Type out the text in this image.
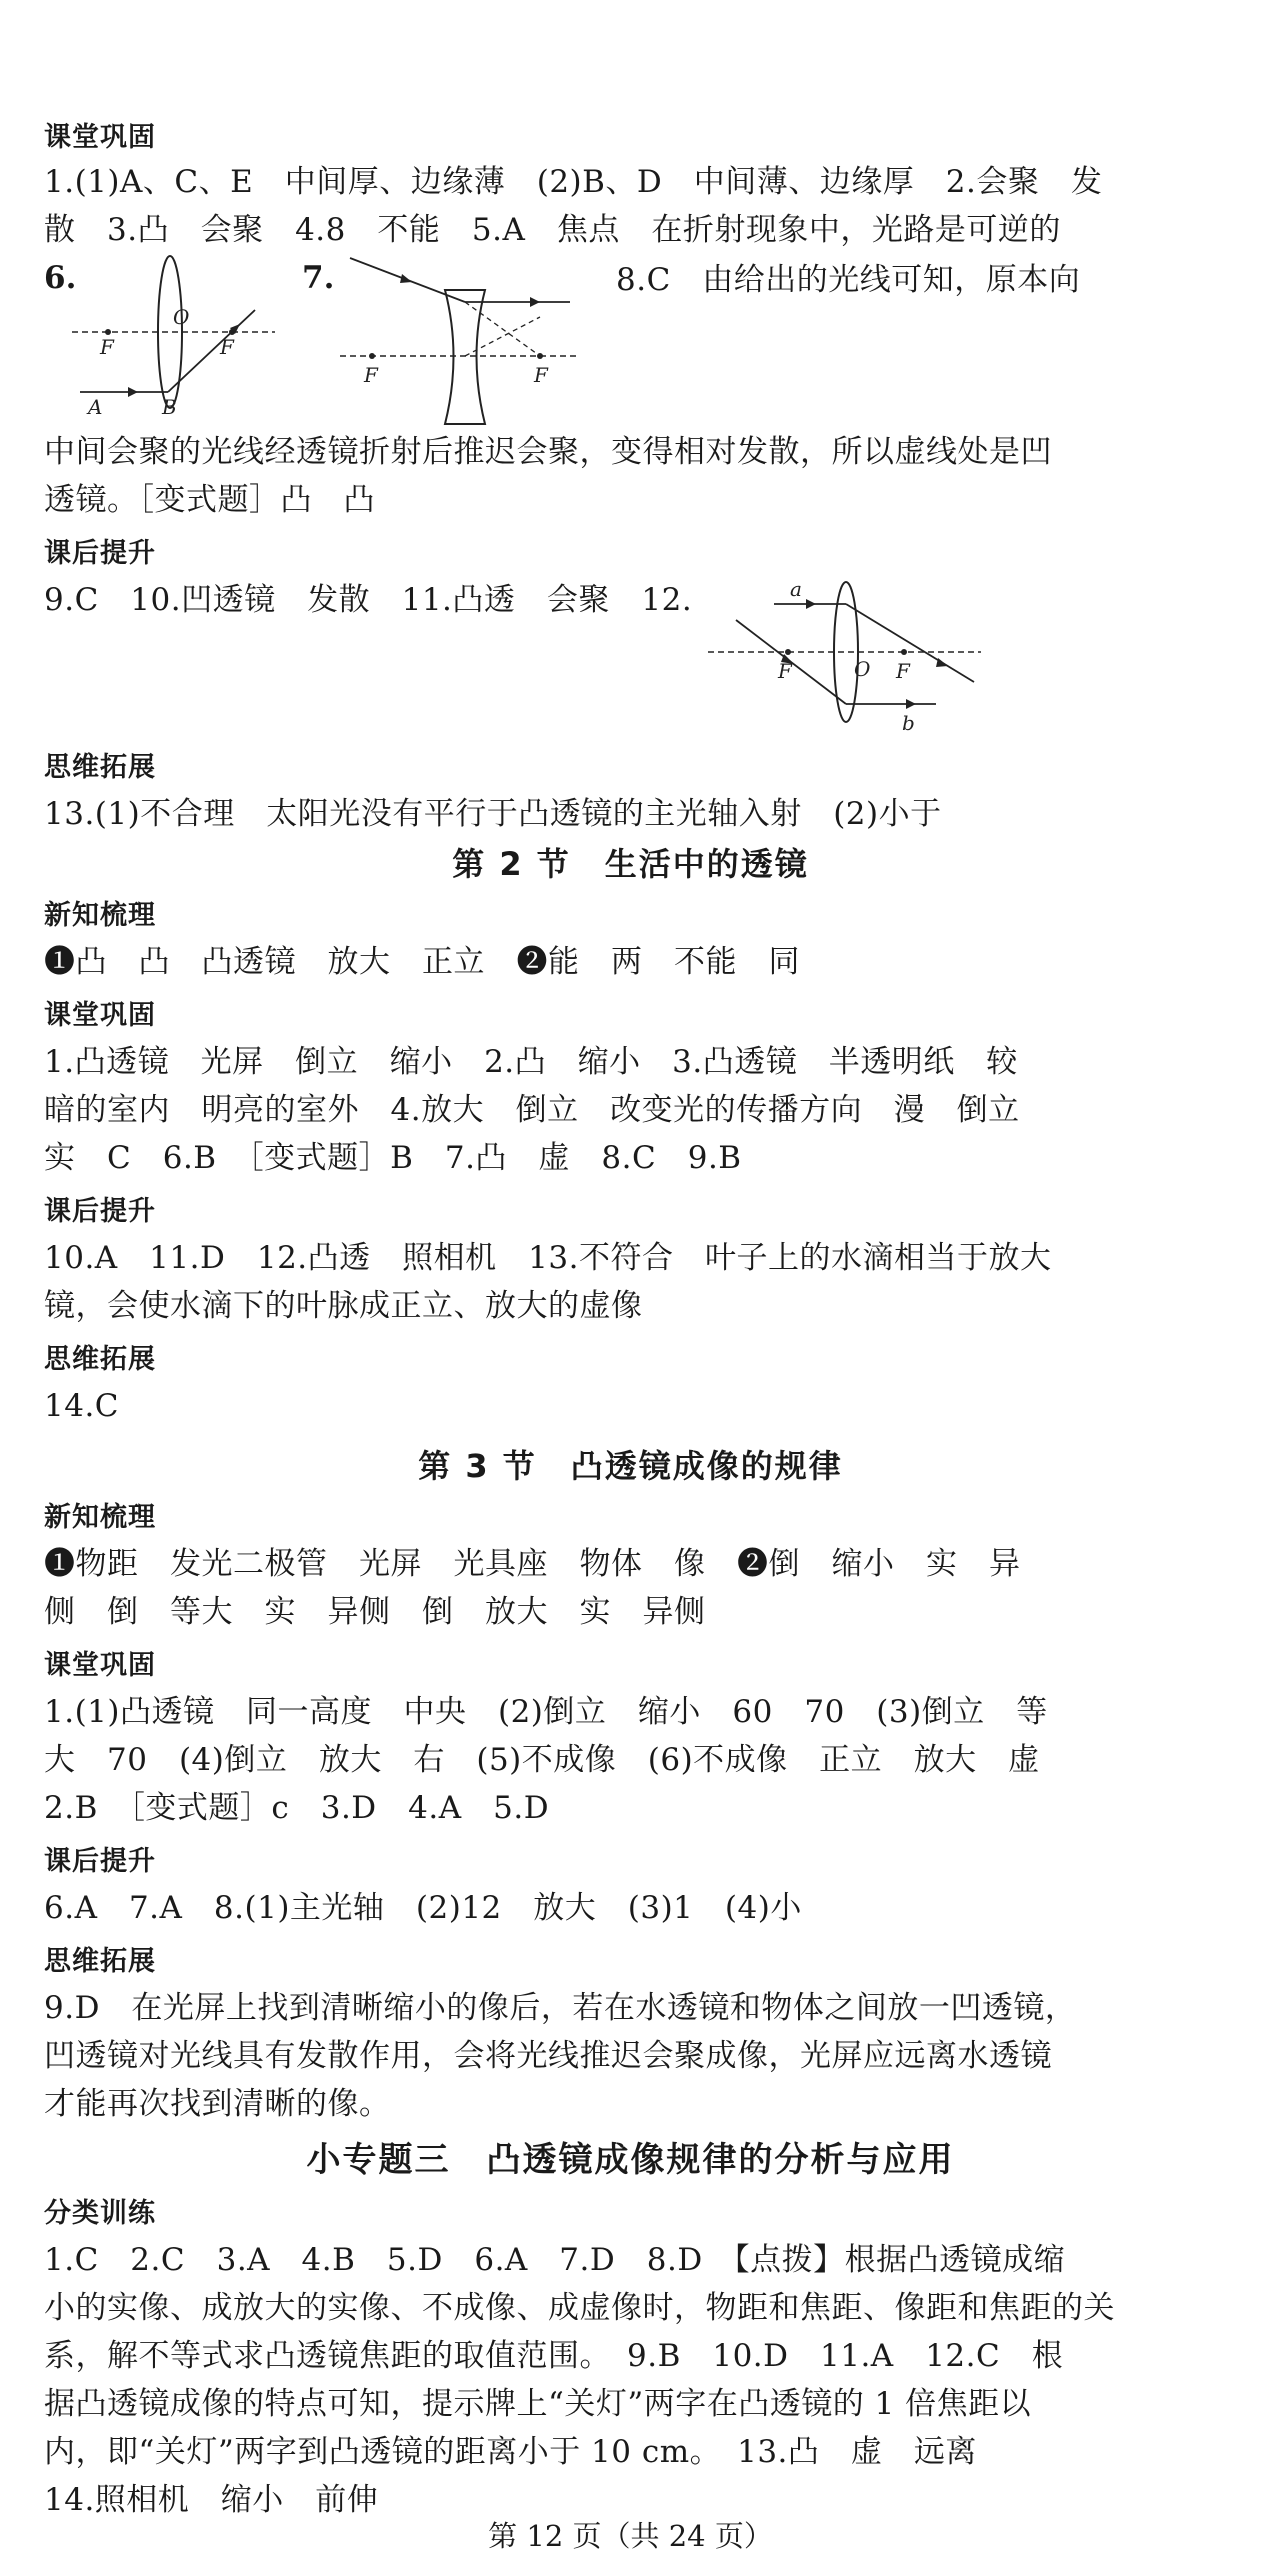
课堂巩固
1.(1)A、C、E　中间厚、边缘薄　(2)B、D　中间薄、边缘厚　2.会聚　发
散　3.凸　会聚　4.8　不能　5.A　焦点　在折射现象中，光路是可逆的
6.
F
O
F
A	B
7.
F	F
8.C　由给出的光线可知，原本向
中间会聚的光线经透镜折射后推迟会聚，变得相对发散，所以虚线处是凹
透镜。［变式题］凸　凸
课后提升
9.C　10.凹透镜　发散　11.凸透　会聚　12.	a
F	O F
b
思维拓展
13.(1)不合理　太阳光没有平行于凸透镜的主光轴入射　(2)小于
第 2 节　生活中的透镜
新知梳理
❶凸　凸　凸透镜　放大　正立　❷能　两　不能　同
课堂巩固
1.凸透镜　光屏　倒立　缩小　2.凸　缩小　3.凸透镜　半透明纸　较
暗的室内　明亮的室外　4.放大　倒立　改变光的传播方向　漫　倒立
实　C　6.B　［变式题］B　7.凸　虚　8.C　9.B
课后提升
10.A　11.D　12.凸透　照相机　13.不符合　叶子上的水滴相当于放大
镜，会使水滴下的叶脉成正立、放大的虚像
思维拓展
14.C
第 3 节　凸透镜成像的规律
新知梳理
❶物距　发光二极管　光屏　光具座　物体　像　❷倒　缩小　实　异
侧　倒　等大　实　异侧　倒　放大　实　异侧
课堂巩固
1.(1)凸透镜　同一高度　中央　(2)倒立　缩小　60　70　(3)倒立　等
大　70　(4)倒立　放大　右　(5)不成像　(6)不成像　正立　放大　虚
2.B　［变式题］c　3.D　4.A　5.D
课后提升
6.A　7.A　8.(1)主光轴　(2)12　放大　(3)1　(4)小
思维拓展
9.D　在光屏上找到清晰缩小的像后，若在水透镜和物体之间放一凹透镜，
凹透镜对光线具有发散作用，会将光线推迟会聚成像，光屏应远离水透镜
才能再次找到清晰的像。
小专题三　凸透镜成像规律的分析与应用
分类训练
1.C　2.C　3.A　4.B　5.D　6.A　7.D　8.D　【点拨】根据凸透镜成缩
小的实像、成放大的实像、不成像、成虚像时，物距和焦距、像距和焦距的关
系，解不等式求凸透镜焦距的取值范围。　9.B　10.D　11.A　12.C　根
据凸透镜成像的特点可知，提示牌上“关灯”两字在凸透镜的 1 倍焦距以
内，即“关灯”两字到凸透镜的距离小于 10 cm。　13.凸　虚　远离
14.照相机　缩小　前伸
第 12 页（共 24 页）
